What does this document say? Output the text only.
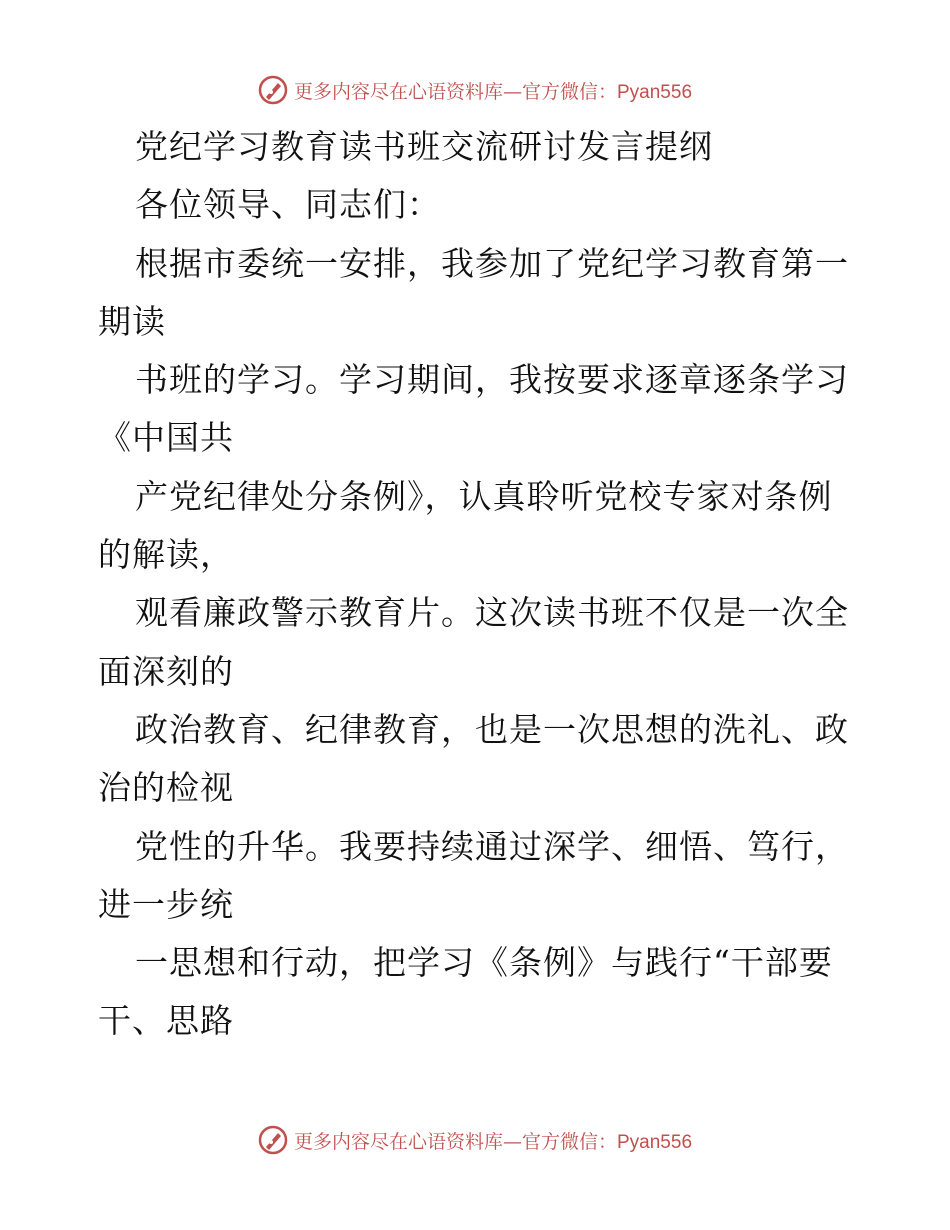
更多内容尽在心语资料库—官方微信：Pyan556
党纪学习教育读书班交流研讨发言提纲
各位领导、同志们：
根据市委统一安排，我参加了党纪学习教育第一
期读
书班的学习。学习期间，我按要求逐章逐条学习
《中国共
产党纪律处分条例》，认真聆听党校专家对条例
的解读，
观看廉政警示教育片。这次读书班不仅是一次全
面深刻的
政治教育、纪律教育，也是一次思想的洗礼、政
治的检视
党性的升华。我要持续通过深学、细悟、笃行，
进一步统
一思想和行动，把学习《条例》与践行“干部要
干、思路
更多内容尽在心语资料库—官方微信：Pyan556
